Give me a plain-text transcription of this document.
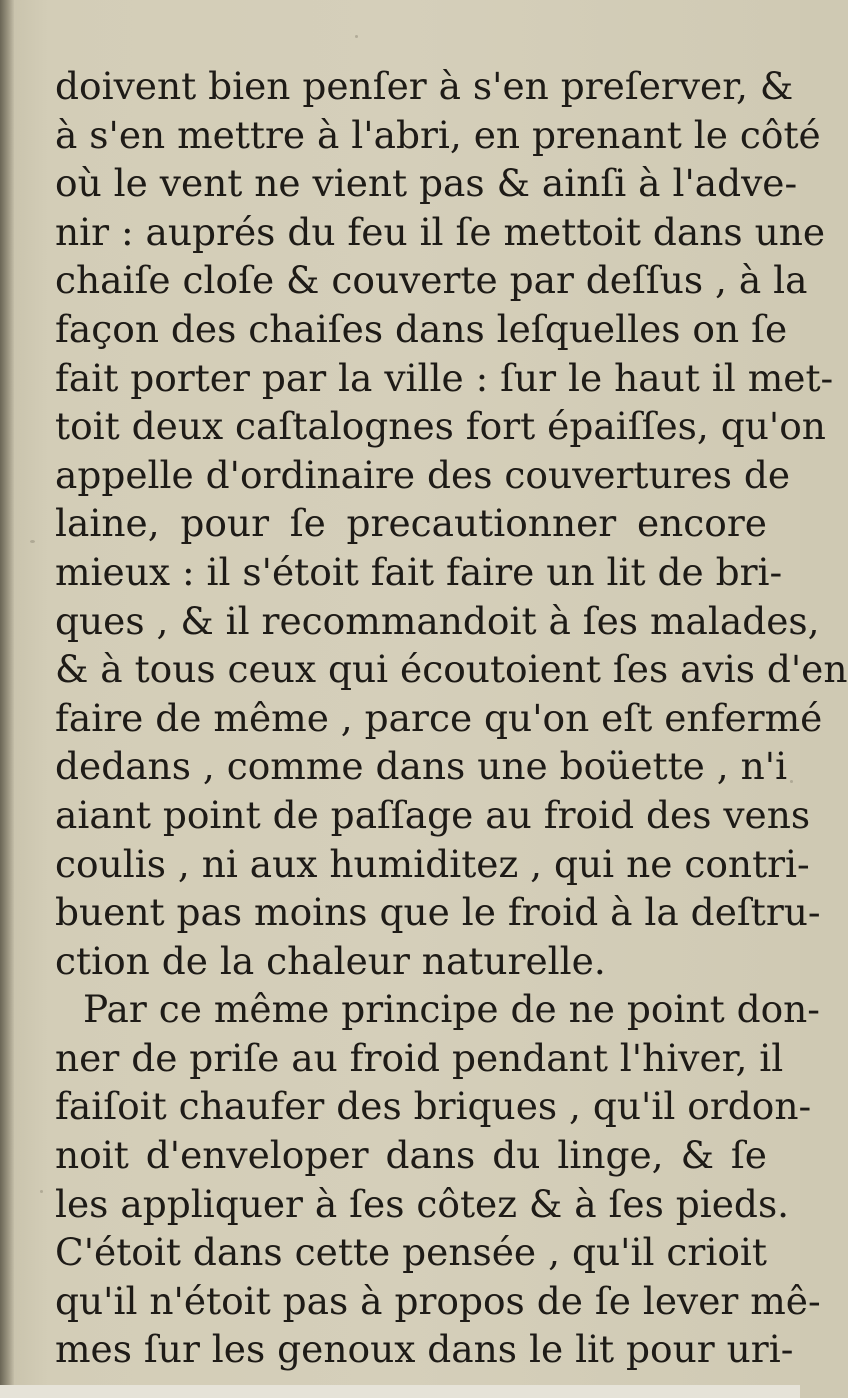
doivent bien penſer à s'en preſerver, &
à s'en mettre à l'abri, en prenant le côté
où le vent ne vient pas & ainſi à l'adve-
nir : auprés du feu il ſe mettoit dans une
chaiſe cloſe & couverte par deſſus , à la
façon des chaiſes dans leſquelles on ſe
fait porter par la ville : ſur le haut il met-
toit deux caſtalognes fort épaiſſes, qu'on
appelle d'ordinaire des couvertures de
laine, pour ſe precautionner encore
mieux : il s'étoit fait faire un lit de bri-
ques , & il recommandoit à ſes malades,
& à tous ceux qui écoutoient ſes avis d'en
faire de même , parce qu'on eſt enfermé
dedans , comme dans une boüette , n'i
aiant point de paſſage au froid des vens
coulis , ni aux humiditez , qui ne contri-
buent pas moins que le froid à la deſtru-
ction de la chaleur naturelle.
Par ce même principe de ne point don-
ner de priſe au froid pendant l'hiver, il
faiſoit chaufer des briques , qu'il ordon-
noit d'enveloper dans du linge, & ſe
les appliquer à ſes côtez & à ſes pieds.
C'étoit dans cette pensée , qu'il crioit
qu'il n'étoit pas à propos de ſe lever mê-
mes ſur les genoux dans le lit pour uri-
